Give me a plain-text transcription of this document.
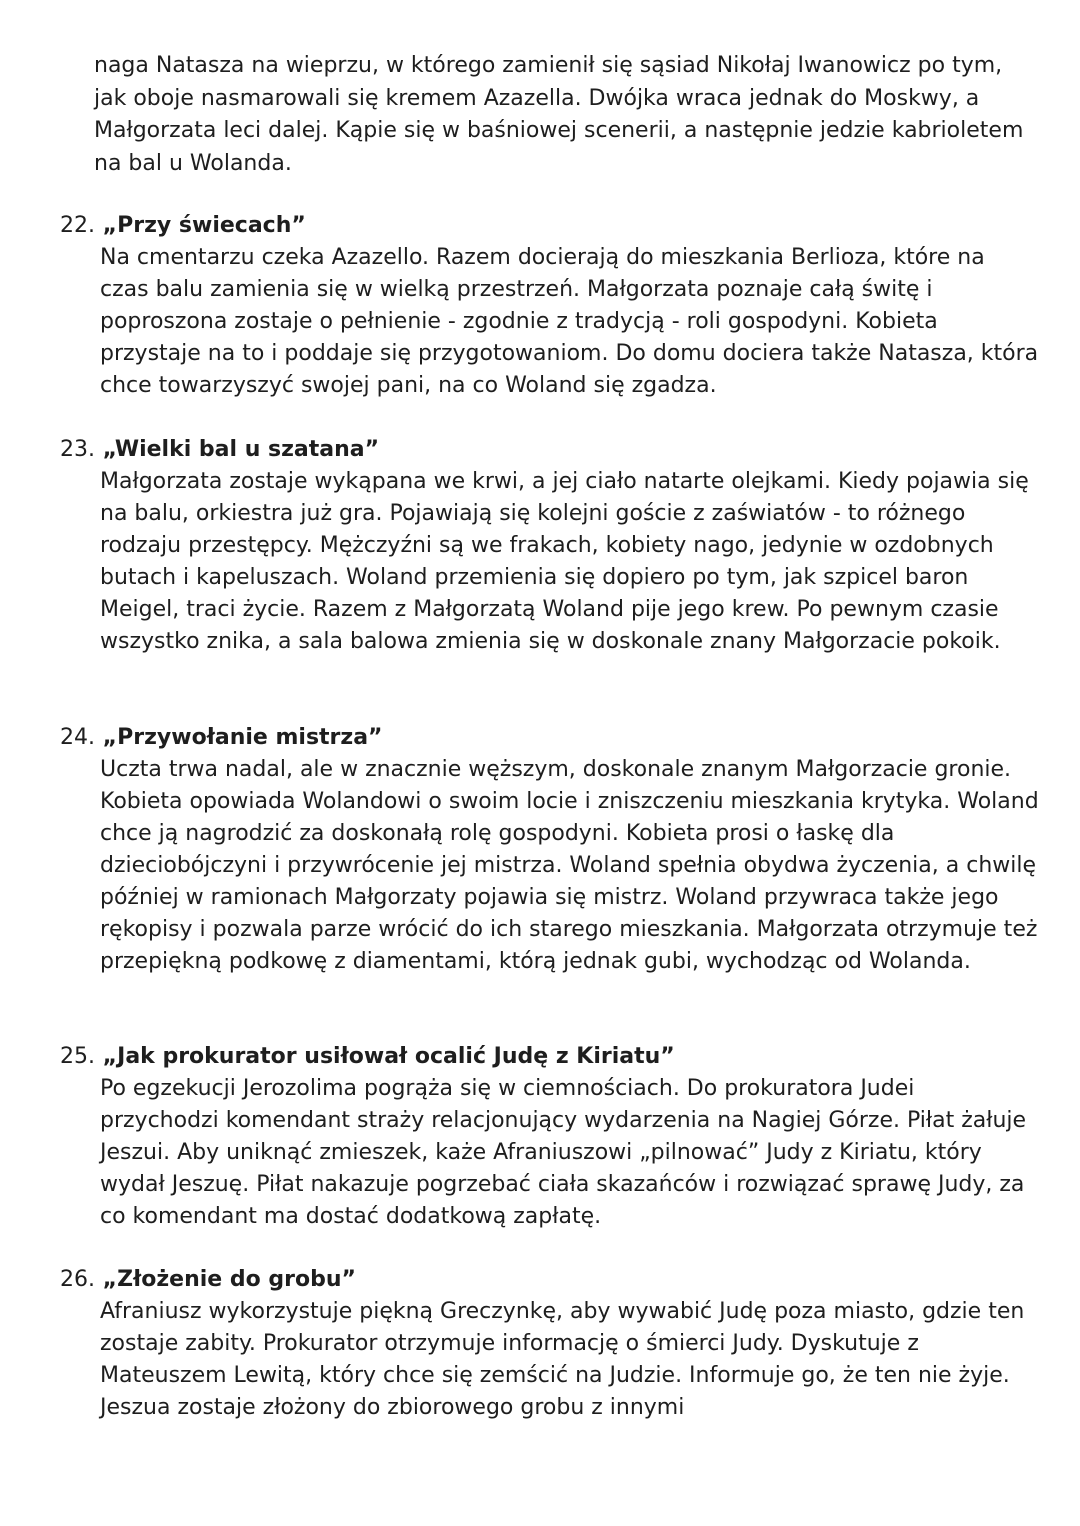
naga Natasza na wieprzu, w którego zamienił się sąsiad Nikołaj Iwanowicz po tym, jak oboje nasmarowali się kremem Azazella. Dwójka wraca jednak do Moskwy, a Małgorzata leci dalej. Kąpie się w baśniowej scenerii, a następnie jedzie kabrioletem na bal u Wolanda.

22. „Przy świecach”

Na cmentarzu czeka Azazello. Razem docierają do mieszkania Berlioza, które na czas balu zamienia się w wielką przestrzeń. Małgorzata poznaje całą świtę i poproszona zostaje o pełnienie - zgodnie z tradycją - roli gospodyni. Kobieta przystaje na to i poddaje się przygotowaniom. Do domu dociera także Natasza, która chce towarzyszyć swojej pani, na co Woland się zgadza.

23. „Wielki bal u szatana”

Małgorzata zostaje wykąpana we krwi, a jej ciało natarte olejkami. Kiedy pojawia się na balu, orkiestra już gra. Pojawiają się kolejni goście z zaświatów - to różnego rodzaju przestępcy. Mężczyźni są we frakach, kobiety nago, jedynie w ozdobnych butach i kapeluszach. Woland przemienia się dopiero po tym, jak szpicel baron Meigel, traci życie. Razem z Małgorzatą Woland pije jego krew. Po pewnym czasie wszystko znika, a sala balowa zmienia się w doskonale znany Małgorzacie pokoik.

24. „Przywołanie mistrza”

Uczta trwa nadal, ale w znacznie węższym, doskonale znanym Małgorzacie gronie. Kobieta opowiada Wolandowi o swoim locie i zniszczeniu mieszkania krytyka. Woland chce ją nagrodzić za doskonałą rolę gospodyni. Kobieta prosi o łaskę dla dzieciobójczyni i przywrócenie jej mistrza. Woland spełnia obydwa życzenia, a chwilę później w ramionach Małgorzaty pojawia się mistrz. Woland przywraca także jego rękopisy i pozwala parze wrócić do ich starego mieszkania. Małgorzata otrzymuje też przepiękną podkowę z diamentami, którą jednak gubi, wychodząc od Wolanda.

25. „Jak prokurator usiłował ocalić Judę z Kiriatu”

Po egzekucji Jerozolima pogrąża się w ciemnościach. Do prokuratora Judei przychodzi komendant straży relacjonujący wydarzenia na Nagiej Górze. Piłat żałuje Jeszui. Aby uniknąć zmieszek, każe Afraniuszowi „pilnować” Judy z Kiriatu, który wydał Jeszuę. Piłat nakazuje pogrzebać ciała skazańców i rozwiązać sprawę Judy, za co komendant ma dostać dodatkową zapłatę.

26. „Złożenie do grobu”

Afraniusz wykorzystuje piękną Greczynkę, aby wywabić Judę poza miasto, gdzie ten zostaje zabity. Prokurator otrzymuje informację o śmierci Judy. Dyskutuje z Mateuszem Lewitą, który chce się zemścić na Judzie. Informuje go, że ten nie żyje. Jeszua zostaje złożony do zbiorowego grobu z innymi
